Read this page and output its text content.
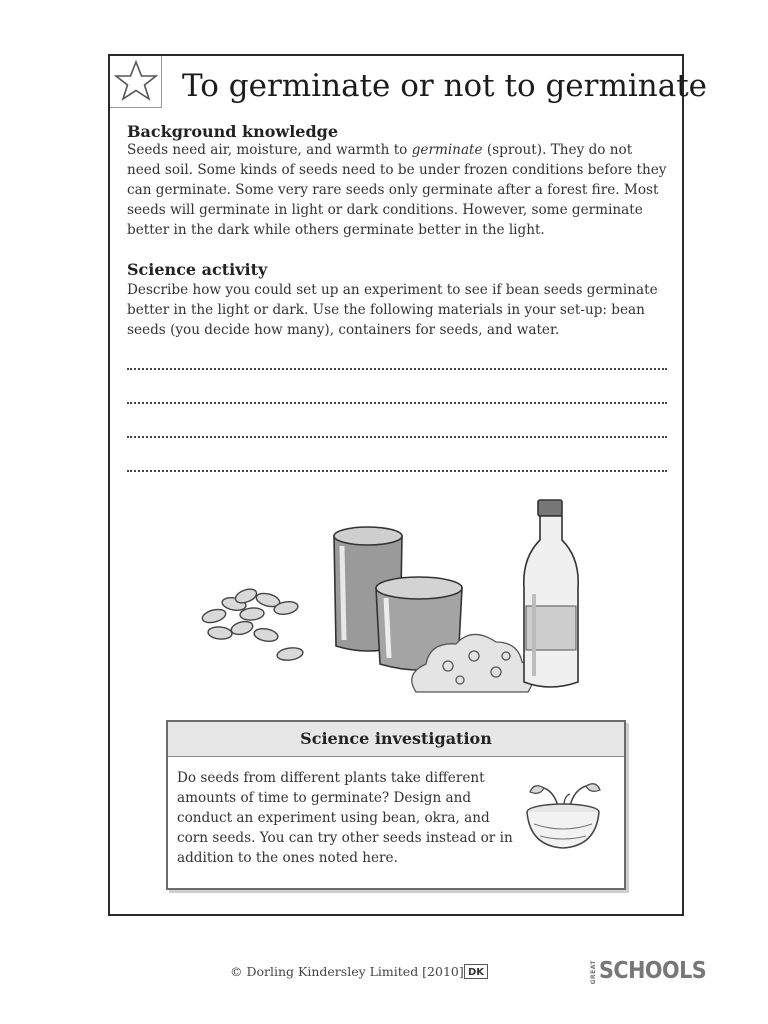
To germinate or not to germinate
Background knowledge
Seeds need air, moisture, and warmth to germinate (sprout). They do not
need soil. Some kinds of seeds need to be under frozen conditions before they
can germinate. Some very rare seeds only germinate after a forest fire. Most
seeds will germinate in light or dark conditions. However, some germinate
better in the dark while others germinate better in the light.
Science activity
Describe how you could set up an experiment to see if bean seeds germinate
better in the light or dark. Use the following materials in your set-up: bean
seeds (you decide how many), containers for seeds, and water.
Science investigation
Do seeds from different plants take different
amounts of time to germinate? Design and
conduct an experiment using bean, okra, and
corn seeds. You can try other seeds instead or in
addition to the ones noted here.
© Dorling Kindersley Limited [2010] DK	GREAT SCHOOLS
